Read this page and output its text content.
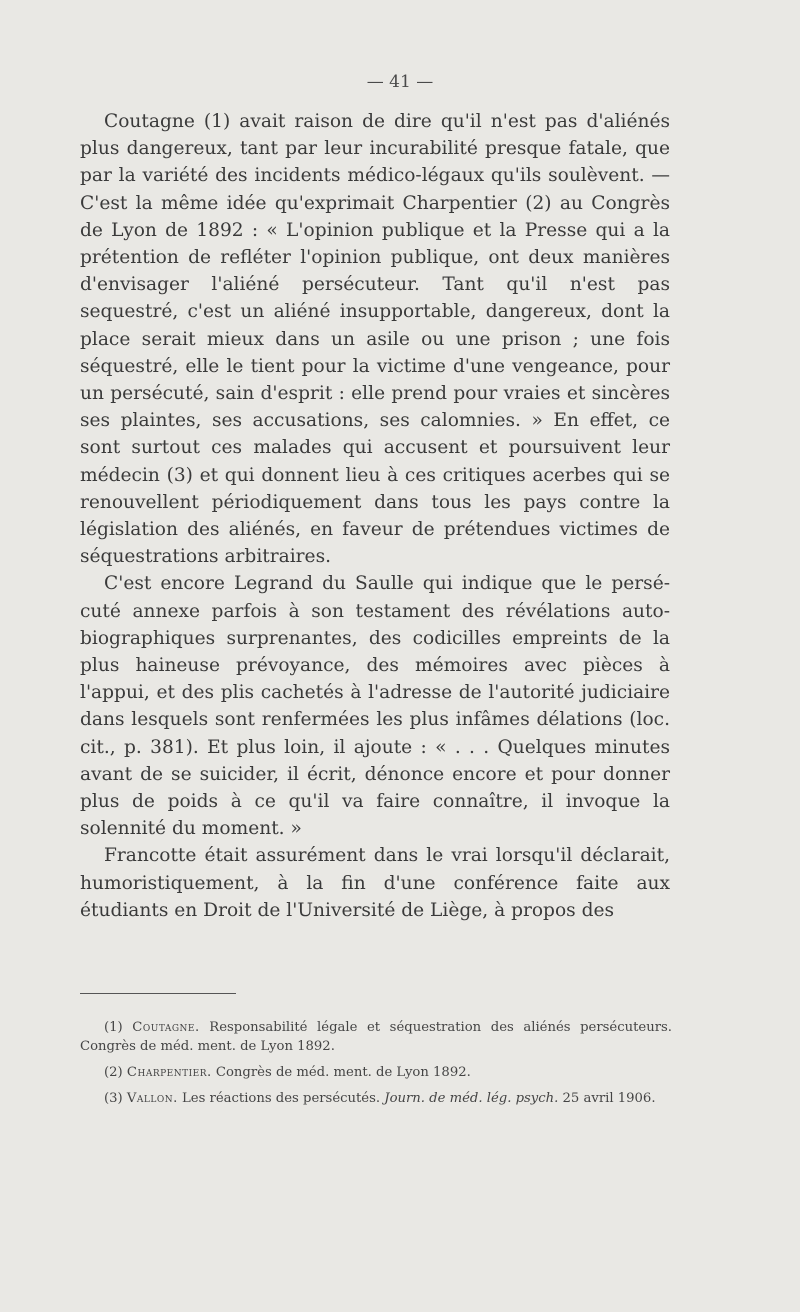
— 41 —

Coutagne (1) avait raison de dire qu'il n'est pas d'aliénés plus dangereux, tant par leur incurabilité presque fatale, que par la variété des incidents médico-légaux qu'ils soulèvent. — C'est la même idée qu'exprimait Charpentier (2) au Congrès de Lyon de 1892 : « L'opinion publique et la Presse qui a la prétention de refléter l'opinion publique, ont deux manières d'envisager l'aliéné persécuteur. Tant qu'il n'est pas sequestré, c'est un aliéné insupportable, dangereux, dont la place serait mieux dans un asile ou une prison ; une fois séquestré, elle le tient pour la victime d'une vengeance, pour un persécuté, sain d'esprit : elle prend pour vraies et sincères ses plaintes, ses accusations, ses calomnies. » En effet, ce sont surtout ces malades qui accusent et poursuivent leur médecin (3) et qui donnent lieu à ces critiques acerbes qui se renouvellent périodiquement dans tous les pays contre la législation des aliénés, en faveur de prétendues victimes de séquestrations arbitraires.

C'est encore Legrand du Saulle qui indique que le persécuté annexe parfois à son testament des révélations autobiographiques surprenantes, des codicilles empreints de la plus haineuse prévoyance, des mémoires avec pièces à l'appui, et des plis cachetés à l'adresse de l'autorité judiciaire dans lesquels sont renfermées les plus infâmes délations (loc. cit., p. 381). Et plus loin, il ajoute : « . . . Quelques minutes avant de se suicider, il écrit, dénonce encore et pour donner plus de poids à ce qu'il va faire connaître, il invoque la solennité du moment. »

Francotte était assurément dans le vrai lorsqu'il déclarait, humoristiquement, à la fin d'une conférence faite aux étudiants en Droit de l'Université de Liège, à propos des

(1) Coutagne. Responsabilité légale et séquestration des aliénés persécuteurs. Congrès de méd. ment. de Lyon 1892.

(2) Charpentier. Congrès de méd. ment. de Lyon 1892.

(3) Vallon. Les réactions des persécutés. Journ. de méd. lég. psych. 25 avril 1906.
